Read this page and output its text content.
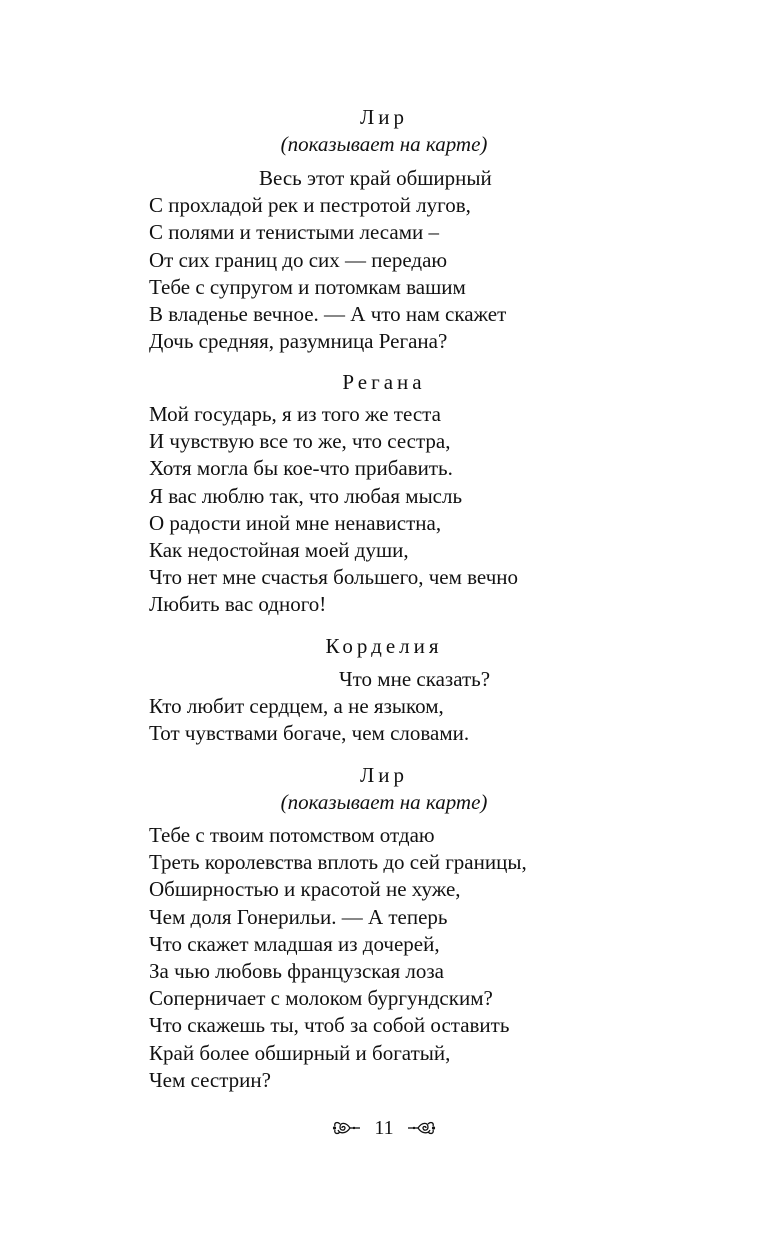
Лир
(показывает на карте)
Весь этот край обширный
С прохладой рек и пестротой лугов,
С полями и тенистыми лесами –
От сих границ до сих — передаю
Тебе с супругом и потомкам вашим
В владенье вечное. — А что нам скажет
Дочь средняя, разумница Регана?
Регана
Мой государь, я из того же теста
И чувствую все то же, что сестра,
Хотя могла бы кое-что прибавить.
Я вас люблю так, что любая мысль
О радости иной мне ненавистна,
Как недостойная моей души,
Что нет мне счастья большего, чем вечно
Любить вас одного!
Корделия
Что мне сказать?
Кто любит сердцем, а не языком,
Тот чувствами богаче, чем словами.
Лир
(показывает на карте)
Тебе с твоим потомством отдаю
Треть королевства вплоть до сей границы,
Обширностью и красотой не хуже,
Чем доля Гонерильи. — А теперь
Что скажет младшая из дочерей,
За чью любовь французская лоза
Соперничает с молоком бургундским?
Что скажешь ты, чтоб за собой оставить
Край более обширный и богатый,
Чем сестрин?
11
